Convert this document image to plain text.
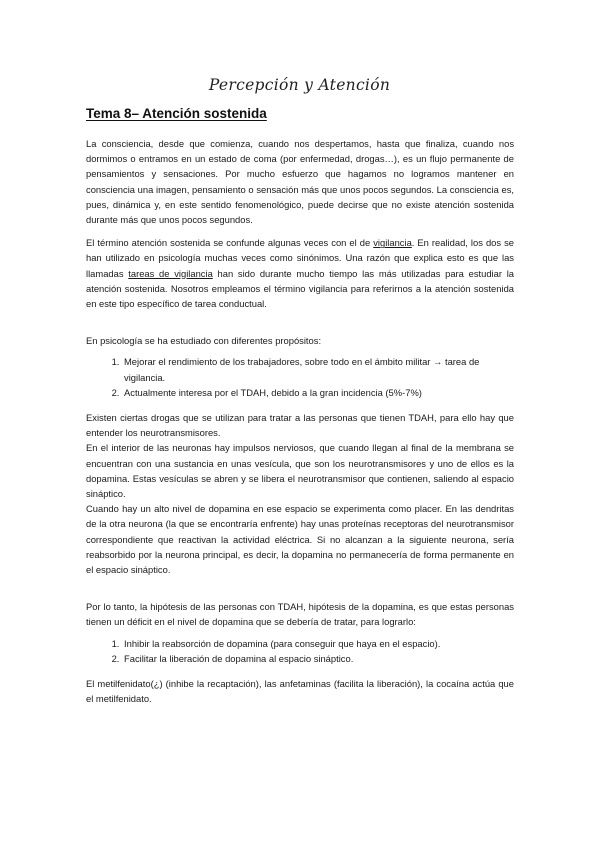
Percepción y Atención
Tema 8– Atención sostenida

La consciencia, desde que comienza, cuando nos despertamos, hasta que finaliza, cuando nos dormimos o entramos en un estado de coma (por enfermedad, drogas…), es un flujo permanente de pensamientos y sensaciones. Por mucho esfuerzo que hagamos no logramos mantener en consciencia una imagen, pensamiento o sensación más que unos pocos segundos. La consciencia es, pues, dinámica y, en este sentido fenomenológico, puede decirse que no existe atención sostenida durante más que unos pocos segundos.

El término atención sostenida se confunde algunas veces con el de vigilancia. En realidad, los dos se han utilizado en psicología muchas veces como sinónimos. Una razón que explica esto es que las llamadas tareas de vigilancia han sido durante mucho tiempo las más utilizadas para estudiar la atención sostenida. Nosotros empleamos el término vigilancia para referirnos a la atención sostenida en este tipo específico de tarea conductual.

En psicología se ha estudiado con diferentes propósitos:

1. Mejorar el rendimiento de los trabajadores, sobre todo en el ámbito militar → tarea de vigilancia.
2. Actualmente interesa por el TDAH, debido a la gran incidencia (5%-7%)

Existen ciertas drogas que se utilizan para tratar a las personas que tienen TDAH, para ello hay que entender los neurotransmisores.

En el interior de las neuronas hay impulsos nerviosos, que cuando llegan al final de la membrana se encuentran con una sustancia en unas vesícula, que son los neurotransmisores y uno de ellos es la dopamina. Estas vesículas se abren y se libera el neurotransmisor que contienen, saliendo al espacio sináptico.

Cuando hay un alto nivel de dopamina en ese espacio se experimenta como placer. En las dendritas de la otra neurona (la que se encontraría enfrente) hay unas proteínas receptoras del neurotransmisor correspondiente que reactivan la actividad eléctrica. Si no alcanzan a la siguiente neurona, sería reabsorbido por la neurona principal, es decir, la dopamina no permanecería de forma permanente en el espacio sináptico.

Por lo tanto, la hipótesis de las personas con TDAH, hipótesis de la dopamina, es que estas personas tienen un déficit en el nivel de dopamina que se debería de tratar, para lograrlo:

1. Inhibir la reabsorción de dopamina (para conseguir que haya en el espacio).
2. Facilitar la liberación de dopamina al espacio sináptico.

El metilfenidato(¿) (inhibe la recaptación), las anfetaminas (facilita la liberación), la cocaína actúa que el metilfenidato.
